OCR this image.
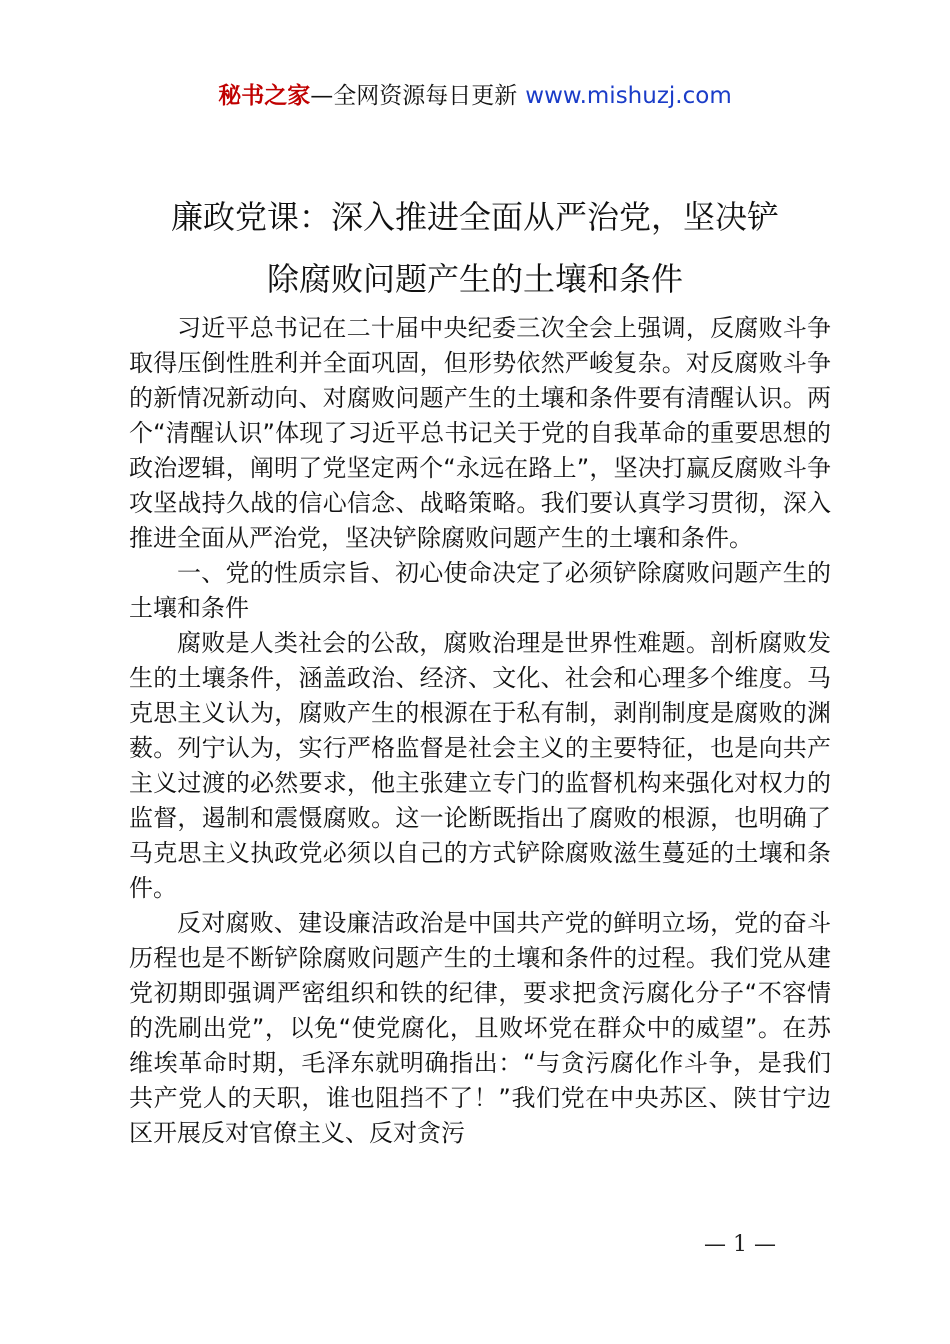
秘书之家—全网资源每日更新 www.mishuzj.com
廉政党课：深入推进全面从严治党，坚决铲
除腐败问题产生的土壤和条件

习近平总书记在二十届中央纪委三次全会上强调，反腐败斗争取得压倒性胜利并全面巩固，但形势依然严峻复杂。对反腐败斗争的新情况新动向、对腐败问题产生的土壤和条件要有清醒认识。两个“清醒认识”体现了习近平总书记关于党的自我革命的重要思想的政治逻辑，阐明了党坚定两个“永远在路上”，坚决打赢反腐败斗争攻坚战持久战的信心信念、战略策略。我们要认真学习贯彻，深入推进全面从严治党，坚决铲除腐败问题产生的土壤和条件。

一、党的性质宗旨、初心使命决定了必须铲除腐败问题产生的土壤和条件

腐败是人类社会的公敌，腐败治理是世界性难题。剖析腐败发生的土壤条件，涵盖政治、经济、文化、社会和心理多个维度。马克思主义认为，腐败产生的根源在于私有制，剥削制度是腐败的渊薮。列宁认为，实行严格监督是社会主义的主要特征，也是向共产主义过渡的必然要求，他主张建立专门的监督机构来强化对权力的监督，遏制和震慑腐败。这一论断既指出了腐败的根源，也明确了马克思主义执政党必须以自己的方式铲除腐败滋生蔓延的土壤和条件。

反对腐败、建设廉洁政治是中国共产党的鲜明立场，党的奋斗历程也是不断铲除腐败问题产生的土壤和条件的过程。我们党从建党初期即强调严密组织和铁的纪律，要求把贪污腐化分子“不容情的洗刷出党”，以免“使党腐化，且败坏党在群众中的威望”。在苏维埃革命时期，毛泽东就明确指出：“与贪污腐化作斗争，是我们共产党人的天职，谁也阻挡不了！”我们党在中央苏区、陕甘宁边区开展反对官僚主义、反对贪污

— 1 —
